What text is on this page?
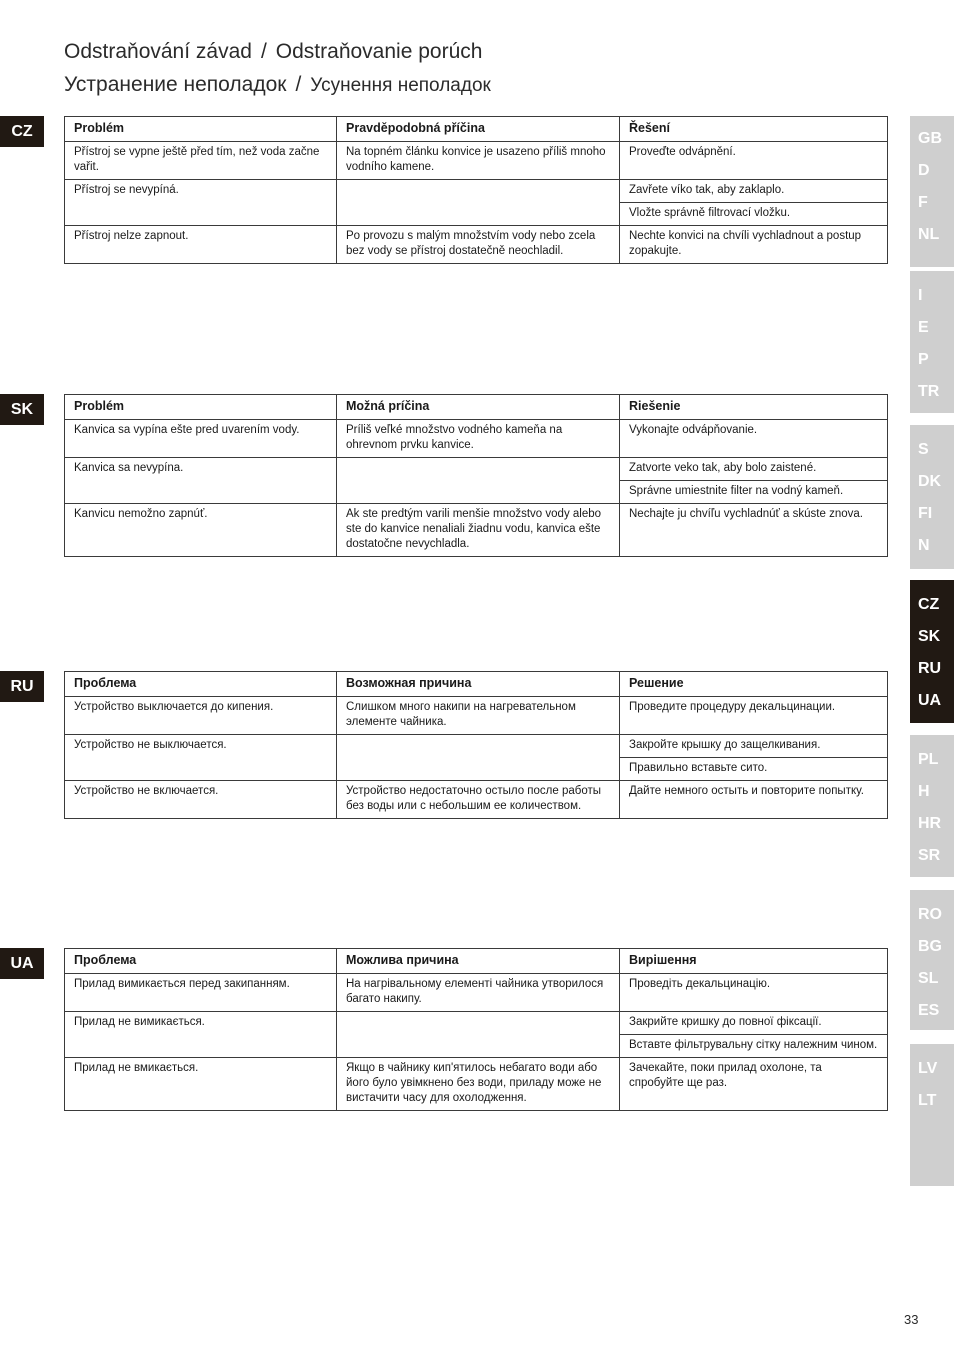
Odstraňování závad / Odstraňovanie porúch
Устранение неполадок / Усунення неполадок
CZ	Problém	Pravděpodobná příčina	Řešení
Přístroj se vypne ještě před tím, než voda začne vařit.	Na topném článku konvice je usazeno příliš mnoho vodního kamene.	Proveďte odvápnění.
Přístroj se nevypíná.		Zavřete víko tak, aby zaklaplo.
		Vložte správně filtrovací vložku.
Přístroj nelze zapnout.	Po provozu s malým množstvím vody nebo zcela bez vody se přístroj dostatečně neochladil.	Nechte konvici na chvíli vychladnout a postup zopakujte.
SK	Problém	Možná príčina	Riešenie
Kanvica sa vypína ešte pred uvarením vody.	Príliš veľké množstvo vodného kameňa na ohrevnom prvku kanvice.	Vykonajte odvápňovanie.
Kanvica sa nevypína.		Zatvorte veko tak, aby bolo zaistené.
		Správne umiestnite filter na vodný kameň.
Kanvicu nemožno zapnúť.	Ak ste predtým varili menšie množstvo vody alebo ste do kanvice nenaliali žiadnu vodu, kanvica ešte dostatočne nevychladla.	Nechajte ju chvíľu vychladnúť a skúste znova.
RU	Проблема	Возможная причина	Решение
Устройство выключается до кипения.	Слишком много накипи на нагревательном элементе чайника.	Проведите процедуру декальцинации.
Устройство не выключается.		Закройте крышку до защелкивания.
		Правильно вставьте сито.
Устройство не включается.	Устройство недостаточно остыло после работы без воды или с небольшим ее количеством.	Дайте немного остыть и повторите попытку.
UA	Проблема	Можлива причина	Вирішення
Прилад вимикається перед закипанням.	На нагрівальному елементі чайника утворилося багато накипу.	Проведіть декальцинацію.
Прилад не вимикається.		Закрийте кришку до повної фіксації.
		Вставте фільтрувальну сітку належним чином.
Прилад не вмикається.	Якщо в чайнику кип'ятилось небагато води або його було увімкнено без води, приладу може не вистачити часу для охолодження.	Зачекайте, поки прилад охолоне, та спробуйте ще раз.
GB
D
F
NL
I
E
P
TR
S
DK
FI
N
CZ
SK
RU
UA
PL
H
HR
SR
RO
BG
SL
ES
LV
LT
33
